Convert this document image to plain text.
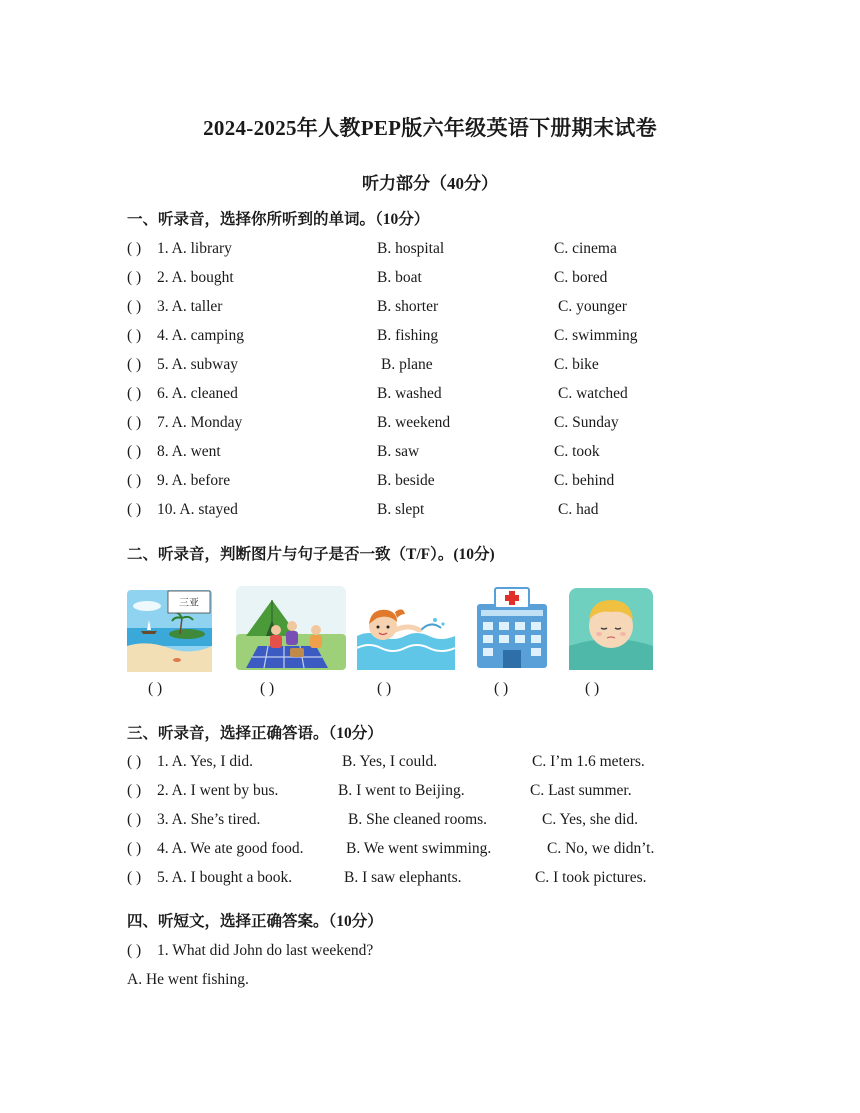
2024-2025年人教PEP版六年级英语下册期末试卷
听力部分（40分）
一、听录音，选择你所听到的单词。（10分）
( ) 1. A. library	B. hospital	C. cinema
( ) 2. A. bought	B. boat	C. bored
( ) 3. A. taller	B. shorter	C. younger
( ) 4. A. camping	B. fishing	C. swimming
( ) 5. A. subway	B. plane	C. bike
( ) 6. A. cleaned	B. washed	C. watched
( ) 7. A. Monday	B. weekend	C. Sunday
( ) 8. A. went	B. saw	C. took
( ) 9. A. before	B. beside	C. behind
( ) 10. A. stayed	B. slept	C. had
二、听录音，判断图片与句子是否一致（T/F）。(10分)
三亚
( )	( )	( )	( )	( )
三、听录音，选择正确答语。（10分）
( ) 1. A. Yes, I did.	B. Yes, I could.	C. I’m 1.6 meters.
( ) 2. A. I went by bus.	B. I went to Beijing.	C. Last summer.
( ) 3. A. She’s tired.	B. She cleaned rooms.	C. Yes, she did.
( ) 4. A. We ate good food.	B. We went swimming.	C. No, we didn’t.
( ) 5. A. I bought a book.	B. I saw elephants.	C. I took pictures.
四、听短文，选择正确答案。（10分）
( ) 1. What did John do last weekend?
A. He went fishing.
